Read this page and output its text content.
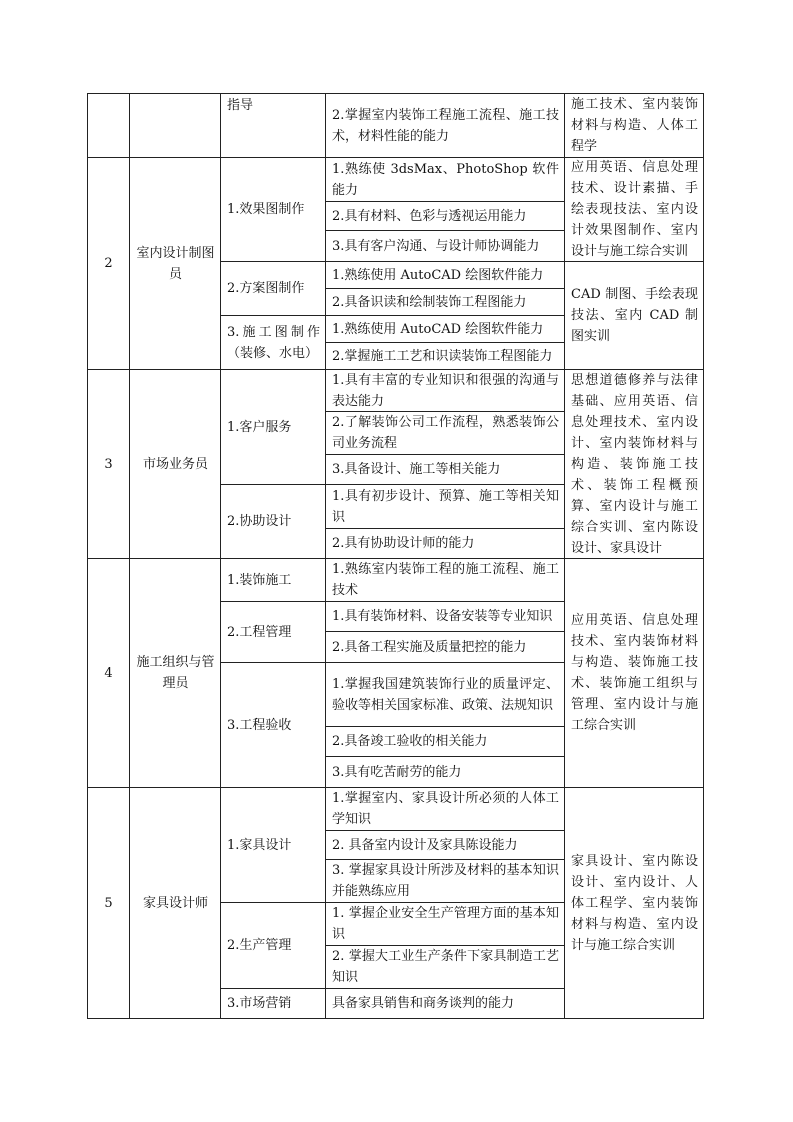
指导
2.掌握室内装饰工程施工流程、施工技术，材料性能的能力
施工技术、室内装饰材料与构造、人体工程学
2
室内设计制图员
1.效果图制作
2.方案图制作
3.施工图制作（装修、水电）
1.熟练使 3dsMax、PhotoShop 软件能力
2.具有材料、色彩与透视运用能力
3.具有客户沟通、与设计师协调能力
1.熟练使用 AutoCAD 绘图软件能力
2.具备识读和绘制装饰工程图能力
1.熟练使用 AutoCAD 绘图软件能力
2.掌握施工工艺和识读装饰工程图能力
应用英语、信息处理技术、设计素描、手绘表现技法、室内设计效果图制作、室内设计与施工综合实训
CAD 制图、手绘表现技法、室内 CAD 制图实训
3	市场业务员
1.客户服务
2.协助设计
1.具有丰富的专业知识和很强的沟通与表达能力
2.了解装饰公司工作流程，熟悉装饰公司业务流程
3.具备设计、施工等相关能力
1.具有初步设计、预算、施工等相关知识
2.具有协助设计师的能力
思想道德修养与法律基础、应用英语、信息处理技术、室内设计、室内装饰材料与构造、装饰施工技术、装饰工程概预算、室内设计与施工综合实训、室内陈设设计、家具设计
4
施工组织与管理员
1.装饰施工
2.工程管理
3.工程验收
1.熟练室内装饰工程的施工流程、施工技术
1.具有装饰材料、设备安装等专业知识
2.具备工程实施及质量把控的能力
1.掌握我国建筑装饰行业的质量评定、验收等相关国家标准、政策、法规知识
2.具备竣工验收的相关能力
3.具有吃苦耐劳的能力
应用英语、信息处理技术、室内装饰材料与构造、装饰施工技术、装饰施工组织与管理、室内设计与施工综合实训
5	家具设计师
1.家具设计
2.生产管理
3.市场营销
1.掌握室内、家具设计所必须的人体工学知识
2. 具备室内设计及家具陈设能力
3. 掌握家具设计所涉及材料的基本知识并能熟练应用
1. 掌握企业安全生产管理方面的基本知识
2. 掌握大工业生产条件下家具制造工艺知识
具备家具销售和商务谈判的能力
家具设计、室内陈设设计、室内设计、人体工程学、室内装饰材料与构造、室内设计与施工综合实训
